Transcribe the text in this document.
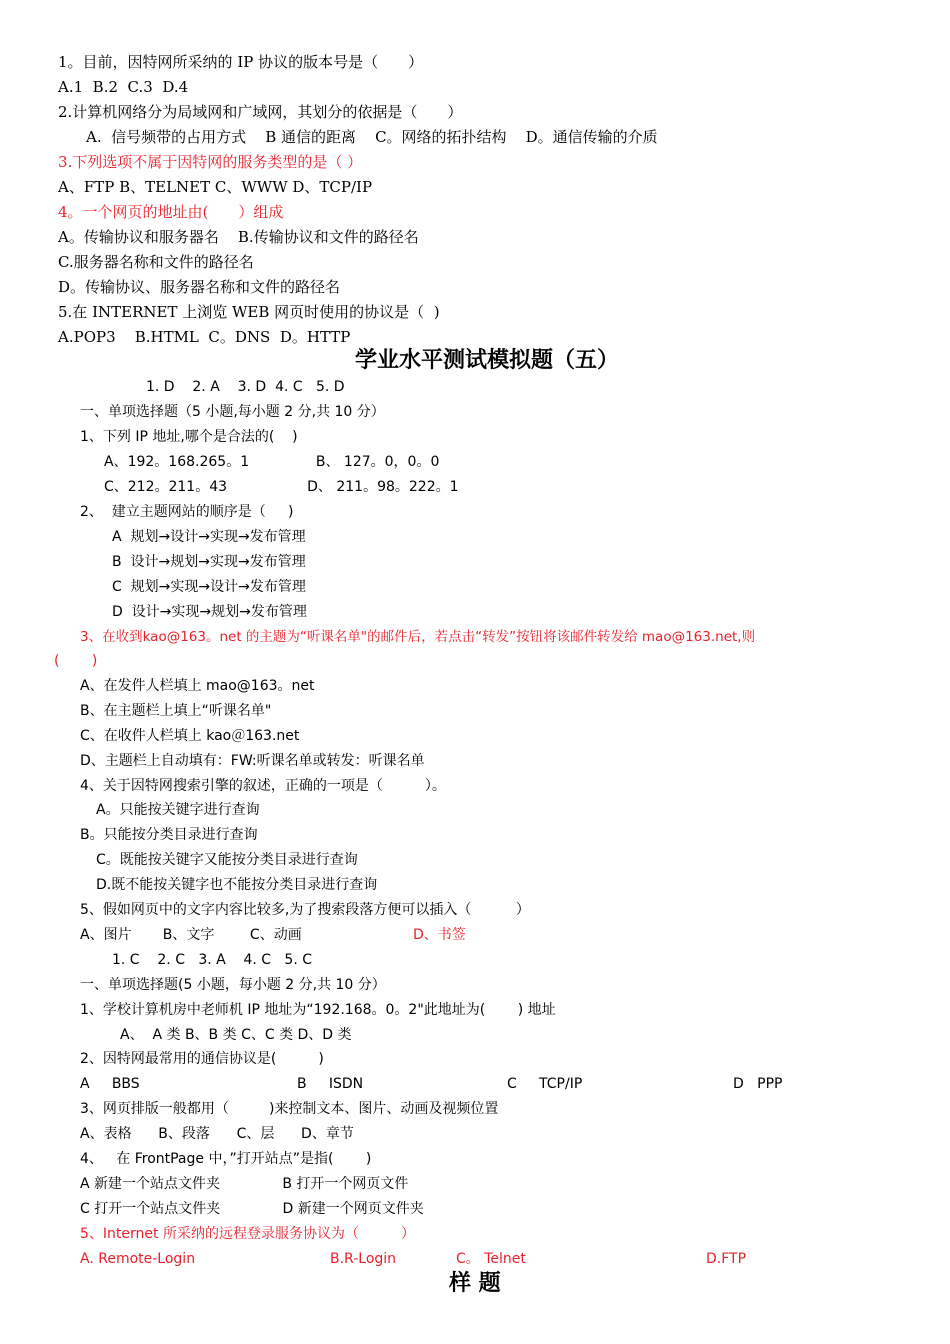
1。目前，因特网所采纳的 IP 协议的版本号是（　　）
A.1  B.2  C.3  D.4
2.计算机网络分为局域网和广域网，其划分的依据是（　　）
A.  信号频带的占用方式    B 通信的距离    C。网络的拓扑结构    D。通信传输的介质
3.下列选项不属于因特网的服务类型的是（ ）
A、FTP B、TELNET C、WWW D、TCP/IP
4。一个网页的地址由(　　）组成
A。传输协议和服务器名    B.传输协议和文件的路径名
C.服务器名称和文件的路径名
D。传输协议、服务器名称和文件的路径名
5.在 INTERNET 上浏览 WEB 网页时使用的协议是（  )
A.POP3    B.HTML  C。DNS  D。HTTP
学业水平测试模拟题（五）
1. D    2. A    3. D  4. C   5. D
一、单项选择题（5 小题,每小题 2 分,共 10 分）
1、下列 IP 地址,哪个是合法的(    )
A、192。168.265。1               B、 127。0，0。0
C、212。211。43                  D、 211。98。222。1
2、  建立主题网站的顺序是（     )
A  规划→设计→实现→发布管理
B  设计→规划→实现→发布管理
C  规划→实现→设计→发布管理
D  设计→实现→规划→发布管理
3、在收到kao@163。net 的主题为“听课名单"的邮件后，若点击“转发”按钮将该邮件转发给 mao@163.net,则
(　　 )
A、在发件人栏填上 mao@163。net
B、在主题栏上填上“听课名单"
C、在收件人栏填上 kao＠163.net
D、主题栏上自动填有：FW:听课名单或转发：听课名单
4、关于因特网搜索引擎的叙述，正确的一项是（　　　）。
A。只能按关键字进行查询
B。只能按分类目录进行查询
C。既能按关键字又能按分类目录进行查询
D.既不能按关键字也不能按分类目录进行查询
5、假如网页中的文字内容比较多,为了搜索段落方便可以插入（          ）
A、图片       B、文字        C、动画	D、书签
1. C    2. C   3. A    4. C   5. C
一、单项选择题(5 小题，每小题 2 分,共 10 分）
1、学校计算机房中老师机 IP 地址为“192.168。0。2"此地址为(　　 ) 地址
A、  A 类 B、B 类 C、C 类 D、D 类
2、因特网最常用的通信协议是(　　　)
A     BBS	B     ISDN	C     TCP/IP	D   PPP
3、网页排版一般都用（         )来控制文本、图片、动画及视频位置
A、表格      B、段落      C、层      D、章节
4、   在 FrontPage 中，”打开站点”是指(　　 )
A 新建一个站点文件夹              B 打开一个网页文件
C 打开一个站点文件夹              D 新建一个网页文件夹
5、Internet 所采纳的远程登录服务协议为（　　　）
A. Remote-Login	B.R-Login	C。 Telnet	D.FTP
样 题
